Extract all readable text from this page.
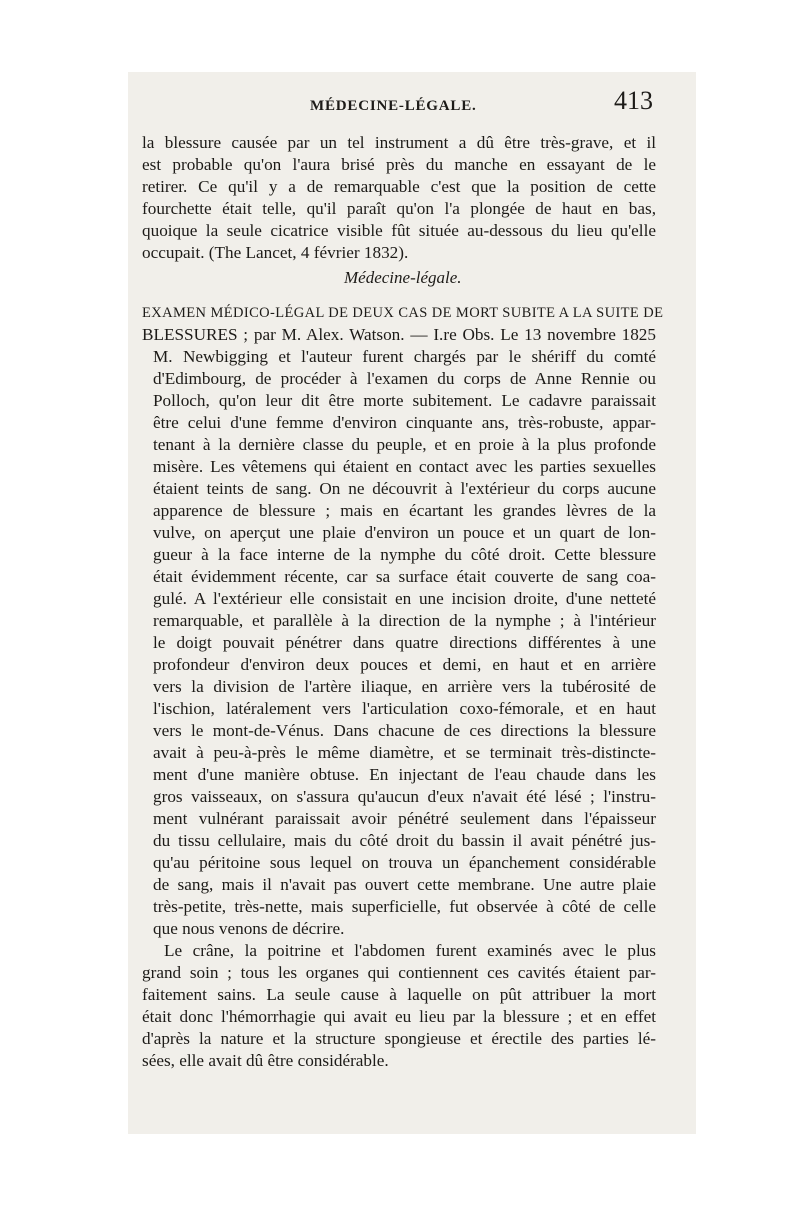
MÉDECINE-LÉGALE.	413
la blessure causée par un tel instrument a dû être très-grave, et il
est probable qu'on l'aura brisé près du manche en essayant de le
retirer. Ce qu'il y a de remarquable c'est que la position de cette
fourchette était telle, qu'il paraît qu'on l'a plongée de haut en bas,
quoique la seule cicatrice visible fût située au-dessous du lieu qu'elle
occupait. (The Lancet, 4 février 1832).
EXAMEN MÉDICO-LÉGAL DE DEUX CAS DE MORT SUBITE A LA SUITE DE
BLESSURES ; par M. Alex. Watson. — I.re Obs. Le 13 novembre 1825
M. Newbigging et l'auteur furent chargés par le shériff du comté
d'Edimbourg, de procéder à l'examen du corps de Anne Rennie ou
Polloch, qu'on leur dit être morte subitement. Le cadavre paraissait
être celui d'une femme d'environ cinquante ans, très-robuste, appar-
tenant à la dernière classe du peuple, et en proie à la plus profonde
misère. Les vêtemens qui étaient en contact avec les parties sexuelles
étaient teints de sang. On ne découvrit à l'extérieur du corps aucune
apparence de blessure ; mais en écartant les grandes lèvres de la
vulve, on aperçut une plaie d'environ un pouce et un quart de lon-
gueur à la face interne de la nymphe du côté droit. Cette blessure
était évidemment récente, car sa surface était couverte de sang coa-
gulé. A l'extérieur elle consistait en une incision droite, d'une netteté
remarquable, et parallèle à la direction de la nymphe ; à l'intérieur
le doigt pouvait pénétrer dans quatre directions différentes à une
profondeur d'environ deux pouces et demi, en haut et en arrière
vers la division de l'artère iliaque, en arrière vers la tubérosité de
l'ischion, latéralement vers l'articulation coxo-fémorale, et en haut
vers le mont-de-Vénus. Dans chacune de ces directions la blessure
avait à peu-à-près le même diamètre, et se terminait très-distincte-
ment d'une manière obtuse. En injectant de l'eau chaude dans les
gros vaisseaux, on s'assura qu'aucun d'eux n'avait été lésé ; l'instru-
ment vulnérant paraissait avoir pénétré seulement dans l'épaisseur
du tissu cellulaire, mais du côté droit du bassin il avait pénétré jus-
qu'au péritoine sous lequel on trouva un épanchement considérable
de sang, mais il n'avait pas ouvert cette membrane. Une autre plaie
très-petite, très-nette, mais superficielle, fut observée à côté de celle
que nous venons de décrire.
Le crâne, la poitrine et l'abdomen furent examinés avec le plus
grand soin ; tous les organes qui contiennent ces cavités étaient par-
faitement sains. La seule cause à laquelle on pût attribuer la mort
était donc l'hémorrhagie qui avait eu lieu par la blessure ; et en effet
d'après la nature et la structure spongieuse et érectile des parties lé-
sées, elle avait dû être considérable.
Médecine-légale.
